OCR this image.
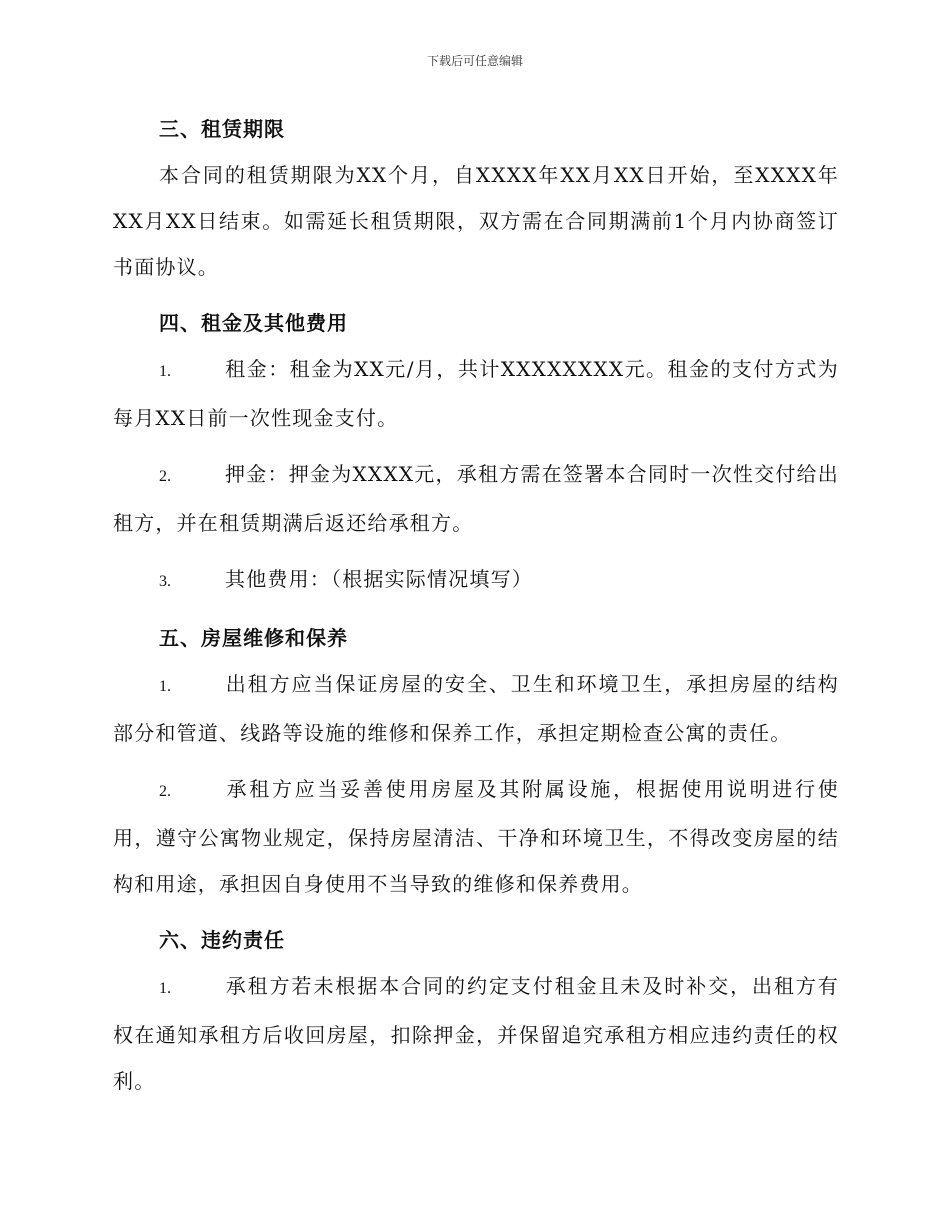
下载后可任意编辑
三、租赁期限

本合同的租赁期限为XX个月，自XXXX年XX月XX日开始，至XXXX年XX月XX日结束。如需延长租赁期限，双方需在合同期满前1个月内协商签订书面协议。

四、租金及其他费用

1.	租金：租金为XX元/月，共计XXXXXXXX元。租金的支付方式为每月XX日前一次性现金支付。

2.	押金：押金为XXXX元，承租方需在签署本合同时一次性交付给出租方，并在租赁期满后返还给承租方。

3.	其他费用：（根据实际情况填写）

五、房屋维修和保养

1.	出租方应当保证房屋的安全、卫生和环境卫生，承担房屋的结构部分和管道、线路等设施的维修和保养工作，承担定期检查公寓的责任。

2.	承租方应当妥善使用房屋及其附属设施，根据使用说明进行使用，遵守公寓物业规定，保持房屋清洁、干净和环境卫生，不得改变房屋的结构和用途，承担因自身使用不当导致的维修和保养费用。

六、违约责任

1.	承租方若未根据本合同的约定支付租金且未及时补交，出租方有权在通知承租方后收回房屋，扣除押金，并保留追究承租方相应违约责任的权利。
